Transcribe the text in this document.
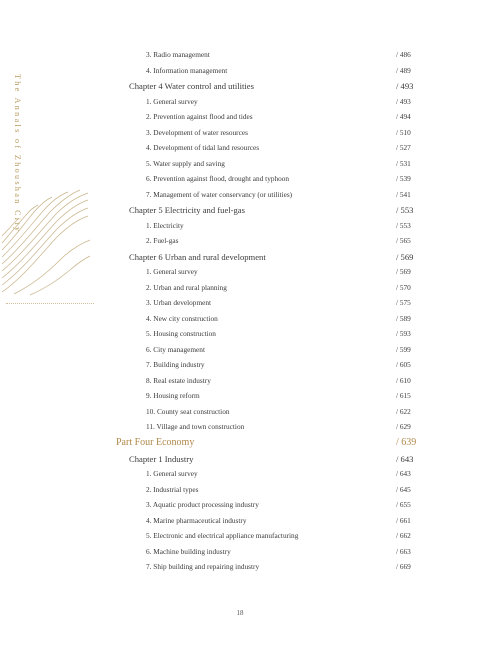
The Annals of Zhoushan City
3. Radio management	/ 486
4. Information management	/ 489
Chapter 4 Water control and utilities	/ 493
1. General survey	/ 493
2. Prevention against flood and tides	/ 494
3. Development of water resources	/ 510
4. Development of tidal land resources	/ 527
5. Water supply and saving	/ 531
6. Prevention against flood, drought and typhoon	/ 539
7. Management of water conservancy (or utilities)	/ 541
Chapter 5 Electricity and fuel-gas	/ 553
1. Electricity	/ 553
2. Fuel-gas	/ 565
Chapter 6 Urban and rural development	/ 569
1. General survey	/ 569
2. Urban and rural planning	/ 570
3. Urban development	/ 575
4. New city construction	/ 589
5. Housing construction	/ 593
6. City management	/ 599
7. Building industry	/ 605
8. Real estate industry	/ 610
9. Housing reform	/ 615
10. County seat construction	/ 622
11. Village and town construction	/ 629
Part Four Economy	/ 639
Chapter 1 Industry	/ 643
1. General survey	/ 643
2. Industrial types	/ 645
3. Aquatic product processing industry	/ 655
4. Marine pharmaceutical industry	/ 661
5. Electronic and electrical appliance manufacturing	/ 662
6. Machine building industry	/ 663
7. Ship building and repairing industry	/ 669
18
